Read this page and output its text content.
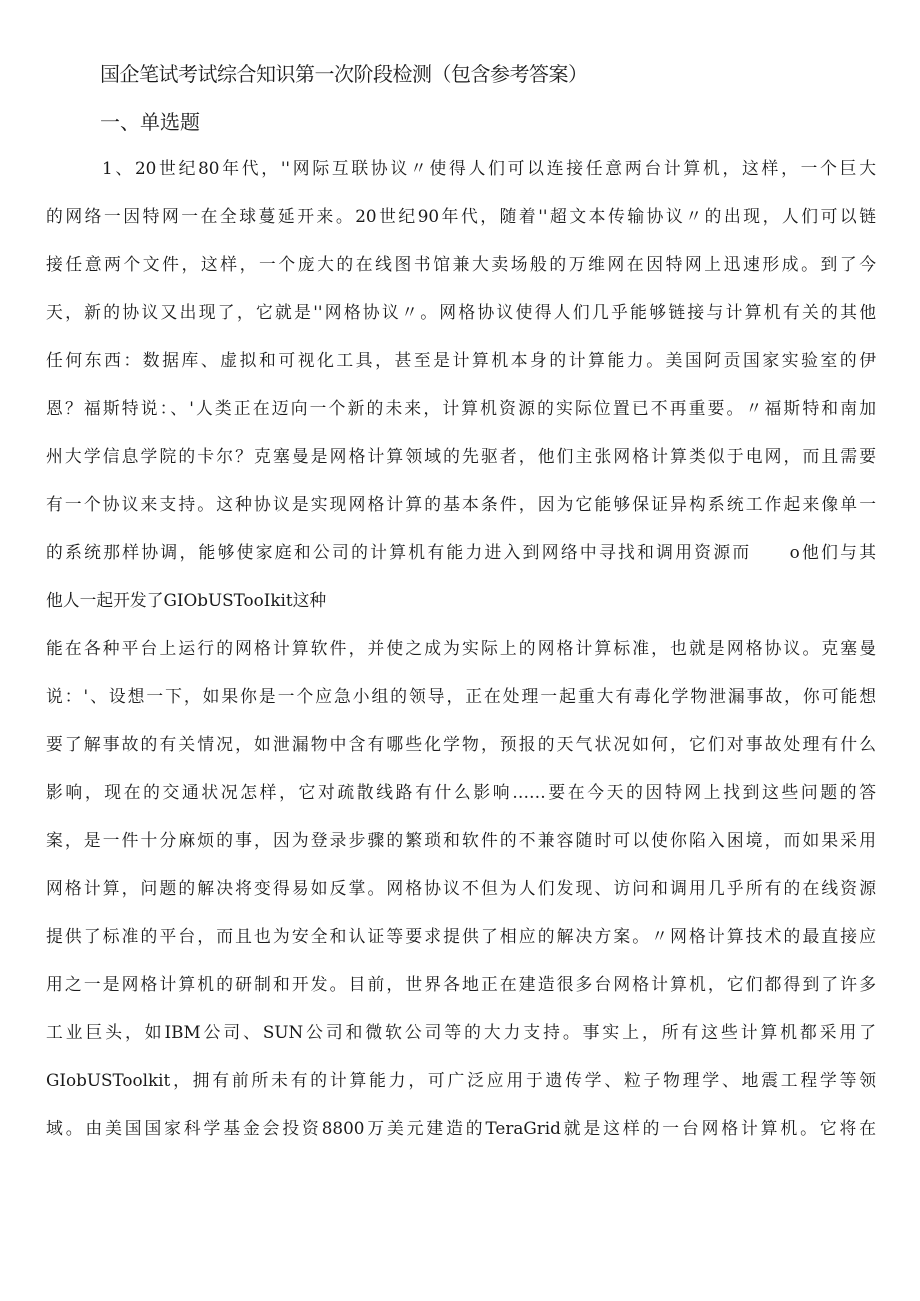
国企笔试考试综合知识第一次阶段检测（包含参考答案）
一、单选题
1、20世纪80年代，''网际互联协议〃使得人们可以连接任意两台计算机，这样，一个巨大
的网络一因特网一在全球蔓延开来。20世纪90年代，随着''超文本传输协议〃的出现，人们可以链
接任意两个文件，这样，一个庞大的在线图书馆兼大卖场般的万维网在因特网上迅速形成。到了今
天，新的协议又出现了，它就是''网格协议〃。网格协议使得人们几乎能够链接与计算机有关的其他
任何东西：数据库、虚拟和可视化工具，甚至是计算机本身的计算能力。美国阿贡国家实验室的伊
恩？福斯特说：、'人类正在迈向一个新的未来，计算机资源的实际位置已不再重要。〃福斯特和南加
州大学信息学院的卡尔？克塞曼是网格计算领域的先驱者，他们主张网格计算类似于电网，而且需要
有一个协议来支持。这种协议是实现网格计算的基本条件，因为它能够保证异构系统工作起来像单一
的系统那样协调，能够使家庭和公司的计算机有能力进入到网络中寻找和调用资源而　　o他们与其
他人一起开发了GIObUSTooIkit这种
能在各种平台上运行的网格计算软件，并使之成为实际上的网格计算标准，也就是网格协议。克塞曼
说：'、设想一下，如果你是一个应急小组的领导，正在处理一起重大有毒化学物泄漏事故，你可能想
要了解事故的有关情况，如泄漏物中含有哪些化学物，预报的天气状况如何，它们对事故处理有什么
影响，现在的交通状况怎样，它对疏散线路有什么影响……要在今天的因特网上找到这些问题的答
案，是一件十分麻烦的事，因为登录步骤的繁琐和软件的不兼容随时可以使你陷入困境，而如果采用
网格计算，问题的解决将变得易如反掌。网格协议不但为人们发现、访问和调用几乎所有的在线资源
提供了标准的平台，而且也为安全和认证等要求提供了相应的解决方案。〃网格计算技术的最直接应
用之一是网格计算机的研制和开发。目前，世界各地正在建造很多台网格计算机，它们都得到了许多
工业巨头，如IBM公司、SUN公司和微软公司等的大力支持。事实上，所有这些计算机都采用了
GIobUSToolkit，拥有前所未有的计算能力，可广泛应用于遗传学、粒子物理学、地震工程学等领
域。由美国国家科学基金会投资8800万美元建造的TeraGrid就是这样的一台网格计算机。它将在
